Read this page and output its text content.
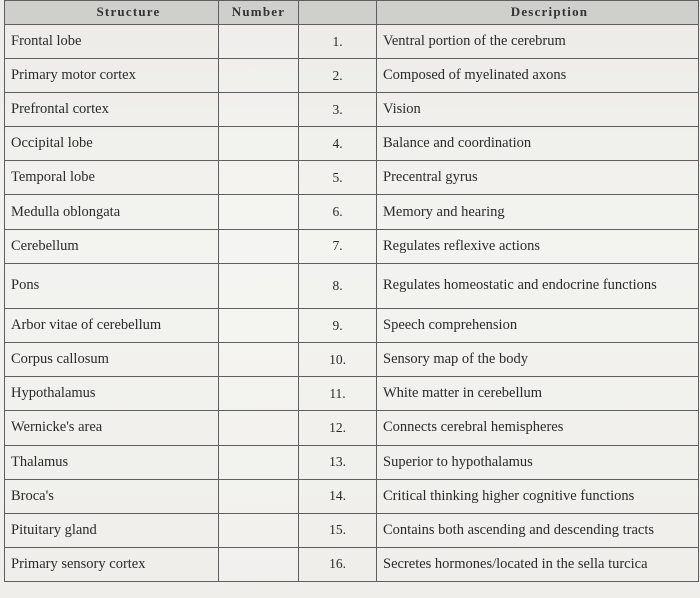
Structure	Number		Description
Frontal lobe		1.	Ventral portion of the cerebrum
Primary motor cortex		2.	Composed of myelinated axons
Prefrontal cortex		3.	Vision
Occipital lobe		4.	Balance and coordination
Temporal lobe		5.	Precentral gyrus
Medulla oblongata		6.	Memory and hearing
Cerebellum		7.	Regulates reflexive actions
Pons		8.	Regulates homeostatic and endocrine functions
Arbor vitae of cerebellum		9.	Speech comprehension
Corpus callosum		10.	Sensory map of the body
Hypothalamus		11.	White matter in cerebellum
Wernicke's area		12.	Connects cerebral hemispheres
Thalamus		13.	Superior to hypothalamus
Broca's		14.	Critical thinking higher cognitive functions
Pituitary gland		15.	Contains both ascending and descending tracts
Primary sensory cortex		16.	Secretes hormones/located in the sella turcica
